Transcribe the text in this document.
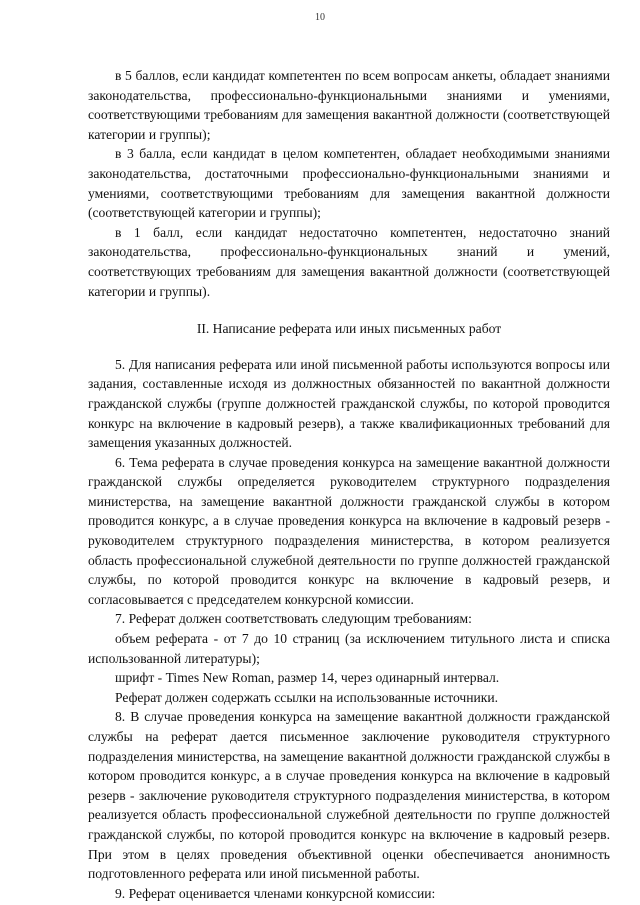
10

в 5 баллов, если кандидат компетентен по всем вопросам анкеты, обладает знаниями законодательства, профессионально-функциональными знаниями и умениями, соответствующими требованиям для замещения вакантной должности (соответствующей категории и группы);

в 3 балла, если кандидат в целом компетентен, обладает необходимыми знаниями законодательства, достаточными профессионально-функциональными знаниями и умениями, соответствующими требованиям для замещения вакантной должности (соответствующей категории и группы);

в 1 балл, если кандидат недостаточно компетентен, недостаточно знаний законодательства, профессионально-функциональных знаний и умений, соответствующих требованиям для замещения вакантной должности (соответствующей категории и группы).

II. Написание реферата или иных письменных работ

5. Для написания реферата или иной письменной работы используются вопросы или задания, составленные исходя из должностных обязанностей по вакантной должности гражданской службы (группе должностей гражданской службы, по которой проводится конкурс на включение в кадровый резерв), а также квалификационных требований для замещения указанных должностей.

6. Тема реферата в случае проведения конкурса на замещение вакантной должности гражданской службы определяется руководителем структурного подразделения министерства, на замещение вакантной должности гражданской службы в котором проводится конкурс, а в случае проведения конкурса на включение в кадровый резерв - руководителем структурного подразделения министерства, в котором реализуется область профессиональной служебной деятельности по группе должностей гражданской службы, по которой проводится конкурс на включение в кадровый резерв, и согласовывается с председателем конкурсной комиссии.

7. Реферат должен соответствовать следующим требованиям:

объем реферата - от 7 до 10 страниц (за исключением титульного листа и списка использованной литературы);

шрифт - Times New Roman, размер 14, через одинарный интервал.

Реферат должен содержать ссылки на использованные источники.

8. В случае проведения конкурса на замещение вакантной должности гражданской службы на реферат дается письменное заключение руководителя структурного подразделения министерства, на замещение вакантной должности гражданской службы в котором проводится конкурс, а в случае проведения конкурса на включение в кадровый резерв - заключение руководителя структурного подразделения министерства, в котором реализуется область профессиональной служебной деятельности по группе должностей гражданской службы, по которой проводится конкурс на включение в кадровый резерв. При этом в целях проведения объективной оценки обеспечивается анонимность подготовленного реферата или иной письменной работы.

9. Реферат оценивается членами конкурсной комиссии:
